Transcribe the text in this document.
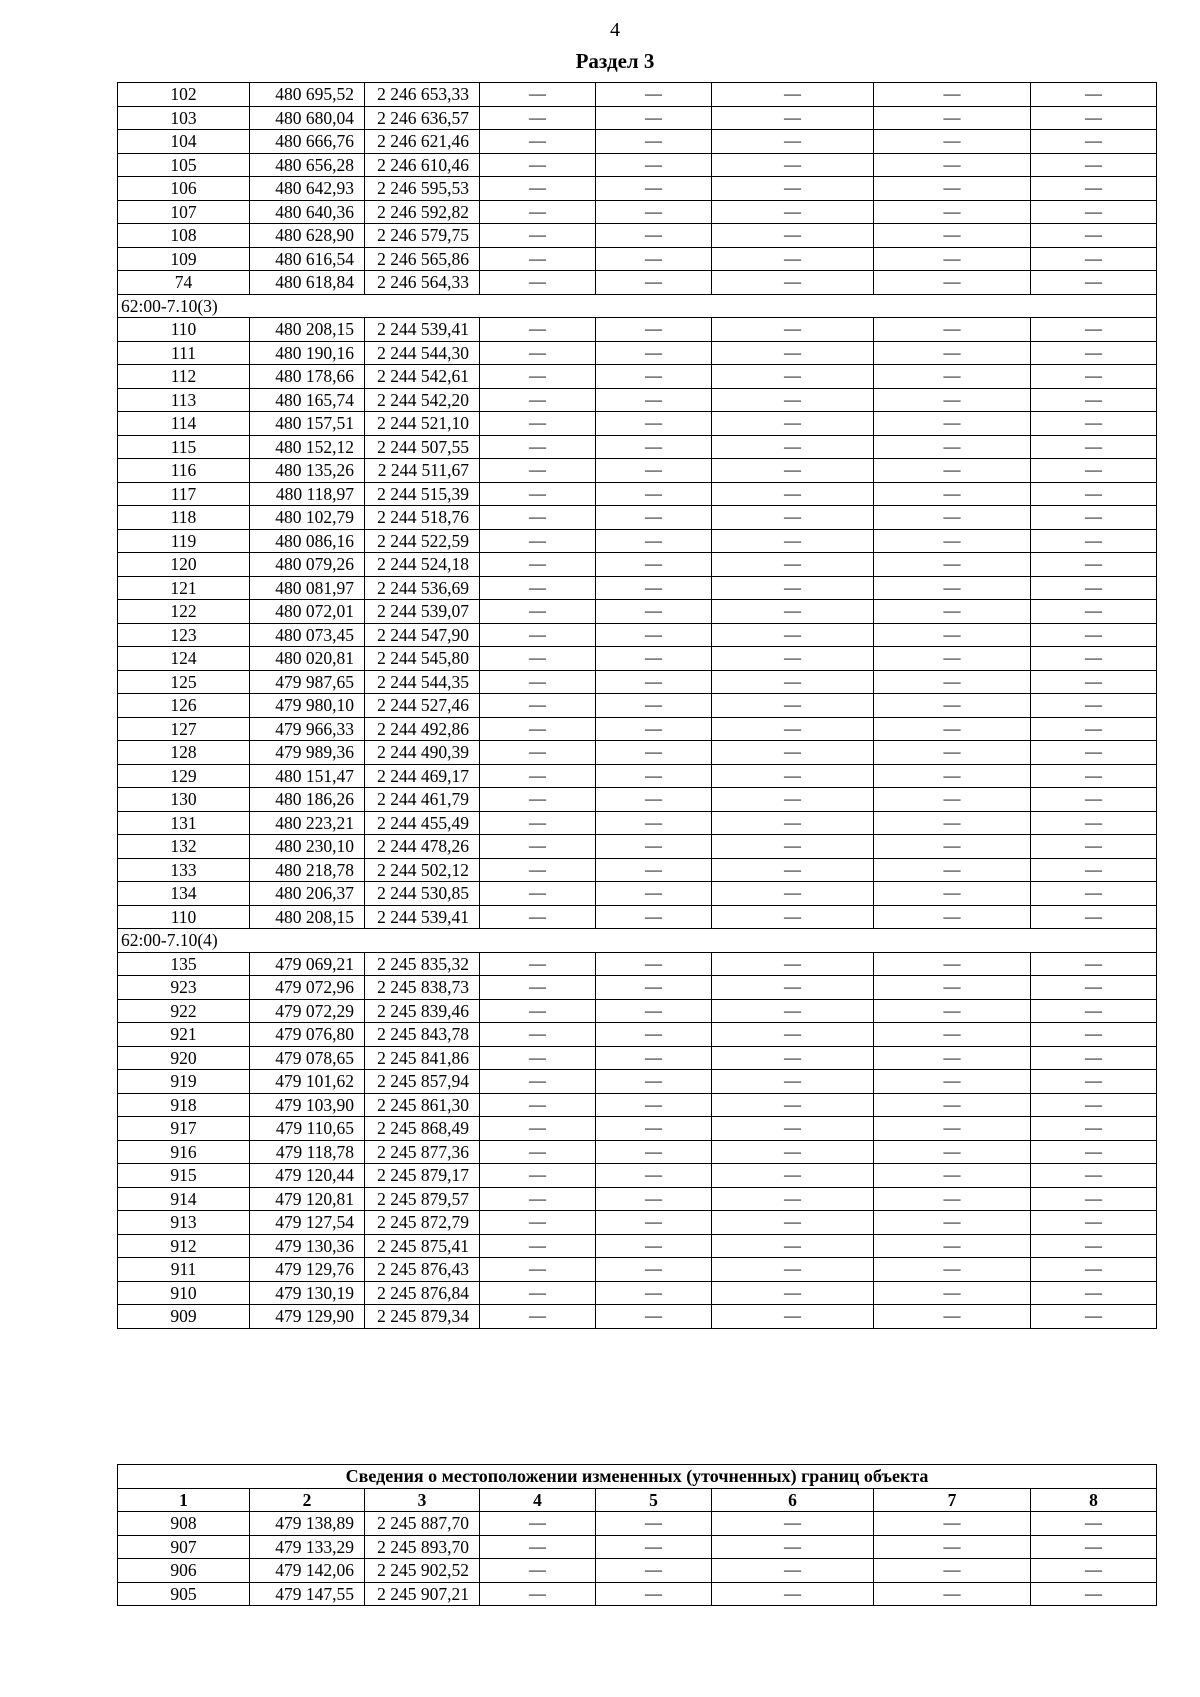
4
Раздел 3
102	480 695,52	2 246 653,33	—	—	—	—	—
103	480 680,04	2 246 636,57	—	—	—	—	—
104	480 666,76	2 246 621,46	—	—	—	—	—
105	480 656,28	2 246 610,46	—	—	—	—	—
106	480 642,93	2 246 595,53	—	—	—	—	—
107	480 640,36	2 246 592,82	—	—	—	—	—
108	480 628,90	2 246 579,75	—	—	—	—	—
109	480 616,54	2 246 565,86	—	—	—	—	—
74	480 618,84	2 246 564,33	—	—	—	—	—
62:00-7.10(3)							
110	480 208,15	2 244 539,41	—	—	—	—	—
111	480 190,16	2 244 544,30	—	—	—	—	—
112	480 178,66	2 244 542,61	—	—	—	—	—
113	480 165,74	2 244 542,20	—	—	—	—	—
114	480 157,51	2 244 521,10	—	—	—	—	—
115	480 152,12	2 244 507,55	—	—	—	—	—
116	480 135,26	2 244 511,67	—	—	—	—	—
117	480 118,97	2 244 515,39	—	—	—	—	—
118	480 102,79	2 244 518,76	—	—	—	—	—
119	480 086,16	2 244 522,59	—	—	—	—	—
120	480 079,26	2 244 524,18	—	—	—	—	—
121	480 081,97	2 244 536,69	—	—	—	—	—
122	480 072,01	2 244 539,07	—	—	—	—	—
123	480 073,45	2 244 547,90	—	—	—	—	—
124	480 020,81	2 244 545,80	—	—	—	—	—
125	479 987,65	2 244 544,35	—	—	—	—	—
126	479 980,10	2 244 527,46	—	—	—	—	—
127	479 966,33	2 244 492,86	—	—	—	—	—
128	479 989,36	2 244 490,39	—	—	—	—	—
129	480 151,47	2 244 469,17	—	—	—	—	—
130	480 186,26	2 244 461,79	—	—	—	—	—
131	480 223,21	2 244 455,49	—	—	—	—	—
132	480 230,10	2 244 478,26	—	—	—	—	—
133	480 218,78	2 244 502,12	—	—	—	—	—
134	480 206,37	2 244 530,85	—	—	—	—	—
110	480 208,15	2 244 539,41	—	—	—	—	—
62:00-7.10(4)							
135	479 069,21	2 245 835,32	—	—	—	—	—
923	479 072,96	2 245 838,73	—	—	—	—	—
922	479 072,29	2 245 839,46	—	—	—	—	—
921	479 076,80	2 245 843,78	—	—	—	—	—
920	479 078,65	2 245 841,86	—	—	—	—	—
919	479 101,62	2 245 857,94	—	—	—	—	—
918	479 103,90	2 245 861,30	—	—	—	—	—
917	479 110,65	2 245 868,49	—	—	—	—	—
916	479 118,78	2 245 877,36	—	—	—	—	—
915	479 120,44	2 245 879,17	—	—	—	—	—
914	479 120,81	2 245 879,57	—	—	—	—	—
913	479 127,54	2 245 872,79	—	—	—	—	—
912	479 130,36	2 245 875,41	—	—	—	—	—
911	479 129,76	2 245 876,43	—	—	—	—	—
910	479 130,19	2 245 876,84	—	—	—	—	—
909	479 129,90	2 245 879,34	—	—	—	—	—
Сведения о местоположении измененных (уточненных) границ объекта							
1	2	3	4	5	6	7	8
908	479 138,89	2 245 887,70	—	—	—	—	—
907	479 133,29	2 245 893,70	—	—	—	—	—
906	479 142,06	2 245 902,52	—	—	—	—	—
905	479 147,55	2 245 907,21	—	—	—	—	—
